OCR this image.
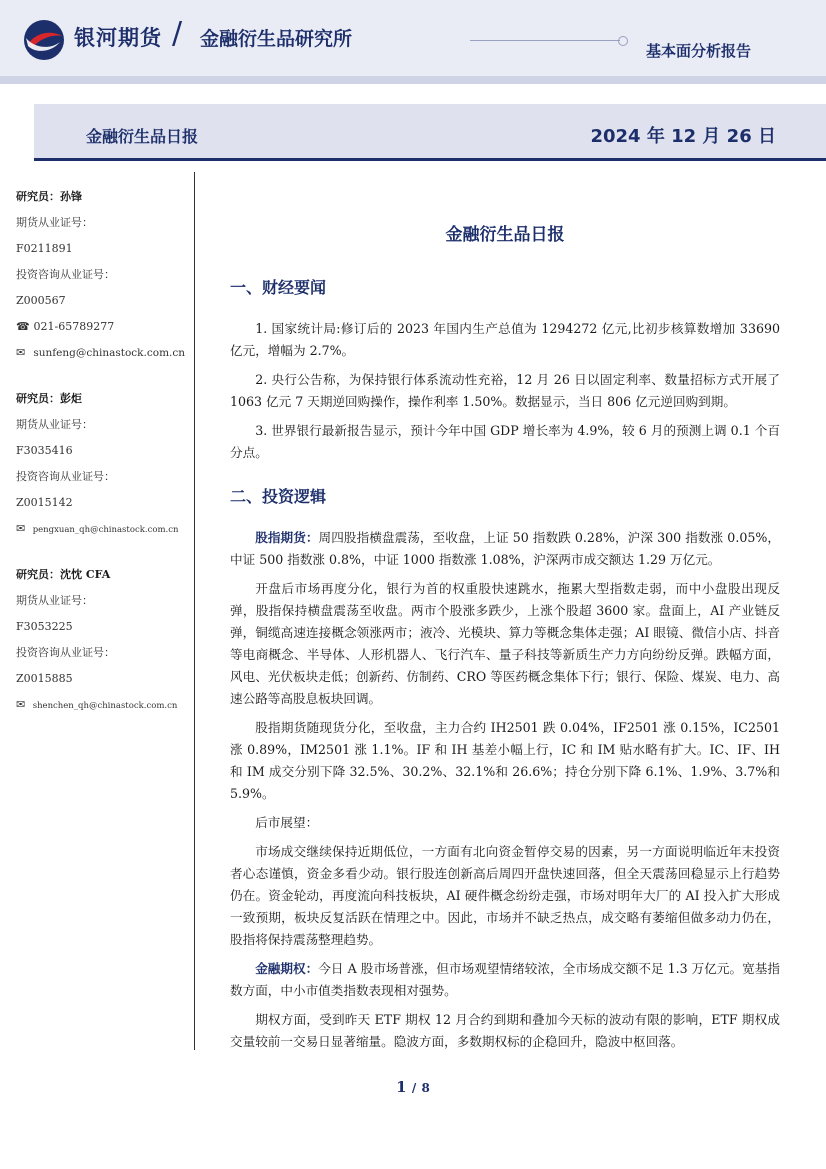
银河期货 / 金融衍生品研究所
基本面分析报告
金融衍生品日报	2024 年 12 月 26 日
研究员：孙锋
期货从业证号：
F0211891
投资咨询从业证号：
Z000567
☎ 021-65789277
✉ sunfeng@chinastock.com.cn
研究员：彭炬
期货从业证号：
F3035416
投资咨询从业证号：
Z0015142
✉ pengxuan_qh@chinastock.com.cn
研究员：沈忱 CFA
期货从业证号：
F3053225
投资咨询从业证号：
Z0015885
✉ shenchen_qh@chinastock.com.cn
金融衍生品日报
一、财经要闻

1. 国家统计局:修订后的 2023 年国内生产总值为 1294272 亿元,比初步核算数增加 33690 亿元，增幅为 2.7%。

2. 央行公告称，为保持银行体系流动性充裕，12 月 26 日以固定利率、数量招标方式开展了 1063 亿元 7 天期逆回购操作，操作利率 1.50%。数据显示，当日 806 亿元逆回购到期。

3. 世界银行最新报告显示，预计今年中国 GDP 增长率为 4.9%，较 6 月的预测上调 0.1 个百分点。

二、投资逻辑

股指期货：周四股指横盘震荡，至收盘，上证 50 指数跌 0.28%，沪深 300 指数涨 0.05%，中证 500 指数涨 0.8%，中证 1000 指数涨 1.08%，沪深两市成交额达 1.29 万亿元。

开盘后市场再度分化，银行为首的权重股快速跳水，拖累大型指数走弱，而中小盘股出现反弹，股指保持横盘震荡至收盘。两市个股涨多跌少，上涨个股超 3600 家。盘面上，AI 产业链反弹，铜缆高速连接概念领涨两市；液冷、光模块、算力等概念集体走强；AI 眼镜、微信小店、抖音等电商概念、半导体、人形机器人、飞行汽车、量子科技等新质生产力方向纷纷反弹。跌幅方面，风电、光伏板块走低；创新药、仿制药、CRO 等医药概念集体下行；银行、保险、煤炭、电力、高速公路等高股息板块回调。

股指期货随现货分化，至收盘，主力合约 IH2501 跌 0.04%，IF2501 涨 0.15%，IC2501 涨 0.89%，IM2501 涨 1.1%。IF 和 IH 基差小幅上行，IC 和 IM 贴水略有扩大。IC、IF、IH 和 IM 成交分别下降 32.5%、30.2%、32.1%和 26.6%；持仓分别下降 6.1%、1.9%、3.7%和 5.9%。

后市展望：

市场成交继续保持近期低位，一方面有北向资金暂停交易的因素，另一方面说明临近年末投资者心态谨慎，资金多看少动。银行股连创新高后周四开盘快速回落，但全天震荡回稳显示上行趋势仍在。资金轮动，再度流向科技板块，AI 硬件概念纷纷走强，市场对明年大厂的 AI 投入扩大形成一致预期，板块反复活跃在情理之中。因此，市场并不缺乏热点，成交略有萎缩但做多动力仍在，股指将保持震荡整理趋势。

金融期权：今日 A 股市场普涨，但市场观望情绪较浓，全市场成交额不足 1.3 万亿元。宽基指数方面，中小市值类指数表现相对强势。

期权方面，受到昨天 ETF 期权 12 月合约到期和叠加今天标的波动有限的影响，ETF 期权成交量较前一交易日显著缩量。隐波方面，多数期权标的企稳回升，隐波中枢回落。

1 / 8
